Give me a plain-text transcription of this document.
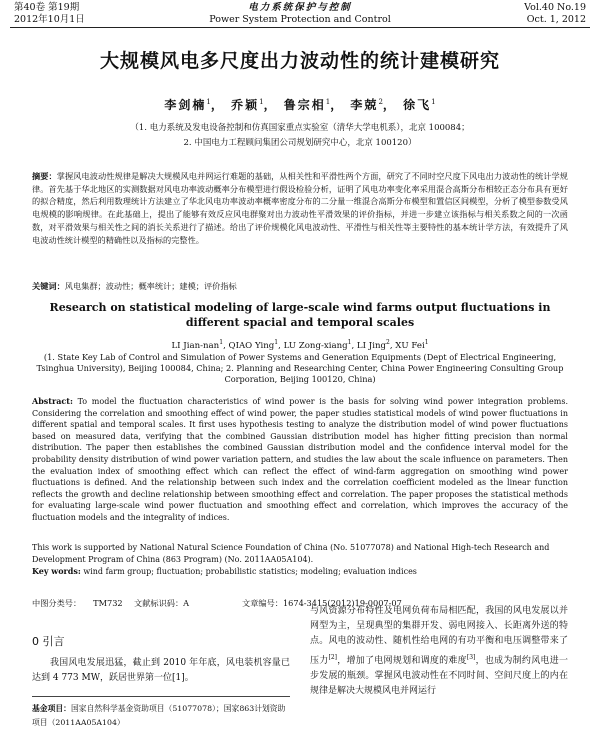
第40卷 第19期
2012年10月1日
电力系统保护与控制
Power System Protection and Control
Vol.40 No.19
Oct. 1, 2012
大规模风电多尺度出力波动性的统计建模研究
李剑楠$^1$， 乔颖$^1$， 鲁宗相$^1$， 李兢$^2$， 徐飞$^1$
（1. 电力系统及发电设备控制和仿真国家重点实验室（清华大学电机系），北京 100084；
2. 中国电力工程顾问集团公司规划研究中心，北京 100120）
摘要：掌握风电波动性规律是解决大规模风电并网运行难题的基础，从相关性和平滑性两个方面，研究了不同时空尺度下风电出力波动性的统计学规律。首先基于华北地区的实测数据对风电功率波动概率分布模型进行假设检验分析，证明了风电功率变化率采用混合高斯分布相较正态分布具有更好的拟合精度，然后利用数理统计方法建立了华北风电功率波动率概率密度分布的二分量一维混合高斯分布模型和置信区间模型，分析了模型参数受风电规模的影响规律。在此基础上，提出了能够有效反应风电群聚对出力波动性平滑效果的评价指标，并进一步建立该指标与相关系数之间的一次函数，对平滑效果与相关性之间的消长关系进行了描述。给出了评价规模化风电波动性、平滑性与相关性等主要特性的基本统计学方法，有效提升了风电波动性统计模型的精确性以及指标的完整性。
关键词：风电集群；波动性；概率统计；建模；评价指标
Research on statistical modeling of large-scale wind farms output fluctuations in different spacial and temporal scales
LI Jian-nan$^1$, QIAO Ying$^1$, LU Zong-xiang$^1$, LI Jing$^2$, XU Fei$^1$
(1. State Key Lab of Control and Simulation of Power Systems and Generation Equipments (Dept of Electrical Engineering, Tsinghua University), Beijing 100084, China; 2. Planning and Researching Center, China Power Engineering Consulting Group Corporation, Beijing 100120, China)
Abstract: To model the fluctuation characteristics of wind power is the basis for solving wind power integration problems. Considering the correlation and smoothing effect of wind power, the paper studies statistical models of wind power fluctuations in different spatial and temporal scales. It first uses hypothesis testing to analyze the distribution model of wind power fluctuations based on measured data, verifying that the combined Gaussian distribution model has higher fitting precision than normal distribution. The paper then establishes the combined Gaussian distribution model and the confidence interval model for the probability density distribution of wind power variation pattern, and studies the law about the scale influence on parameters. Then the evaluation index of smoothing effect which can reflect the effect of wind-farm aggregation on smoothing wind power fluctuations is defined. And the relationship between such index and the correlation coefficient modeled as the linear function reflects the growth and decline relationship between smoothing effect and correlation. The paper proposes the statistical methods for evaluating large-scale wind power fluctuation and smoothing effect and correlation, which improves the accuracy of the fluctuation models and the integrality of indices.
This work is supported by National Natural Science Foundation of China (No. 51077078) and National High-tech Research and Development Program of China (863 Program) (No. 2011AA05A104).
Key words: wind farm group; fluctuation; probabilistic statistics; modeling; evaluation indices
中图分类号： TM732 文献标识码：A	文章编号：1674-3415(2012)19-0007-07
0 引言
我国风电发展迅猛，截止到 2010 年年底，风电装机容量已达到 4 773 MW，跃居世界第一位[1]。
基金项目：国家自然科学基金资助项目（51077078）；国家863计划资助项目（2011AA05A104）
与风资源分布特性及电网负荷布局相匹配，我国的风电发展以并网型为主，呈现典型的集群开发、弱电网接入、长距离外送的特点。风电的波动性、随机性给电网的有功平衡和电压调整带来了压力[2]，增加了电网规划和调度的难度[3]，也成为制约风电进一步发展的瓶颈。掌握风电波动性在不同时间、空间尺度上的内在规律是解决大规模风电并网运行
